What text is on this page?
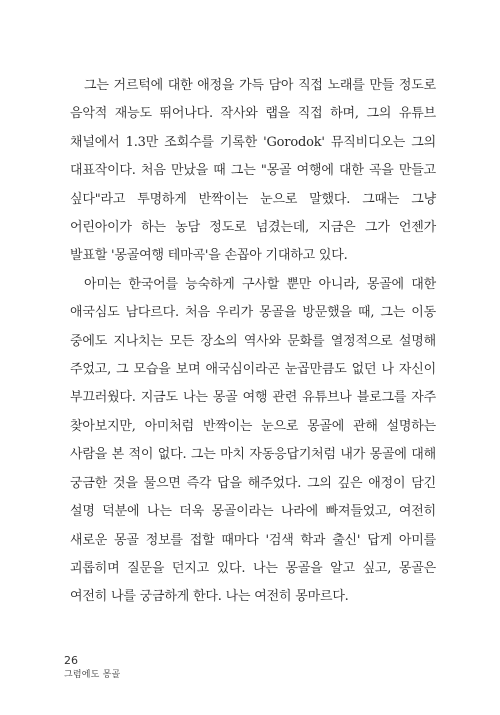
그는 거르턱에 대한 애정을 가득 담아 직접 노래를 만들 정도로 음악적 재능도 뛰어나다. 작사와 랩을 직접 하며, 그의 유튜브 채널에서 1.3만 조회수를 기록한 'Gorodok' 뮤직비디오는 그의 대표작이다. 처음 만났을 때 그는 "몽골 여행에 대한 곡을 만들고 싶다"라고 투명하게 반짝이는 눈으로 말했다. 그때는 그냥 어린아이가 하는 농담 정도로 넘겼는데, 지금은 그가 언젠가 발표할 '몽골여행 테마곡'을 손꼽아 기대하고 있다.

아미는 한국어를 능숙하게 구사할 뿐만 아니라, 몽골에 대한 애국심도 남다르다. 처음 우리가 몽골을 방문했을 때, 그는 이동 중에도 지나치는 모든 장소의 역사와 문화를 열정적으로 설명해 주었고, 그 모습을 보며 애국심이라곤 눈곱만큼도 없던 나 자신이 부끄러웠다. 지금도 나는 몽골 여행 관련 유튜브나 블로그를 자주 찾아보지만, 아미처럼 반짝이는 눈으로 몽골에 관해 설명하는 사람을 본 적이 없다. 그는 마치 자동응답기처럼 내가 몽골에 대해 궁금한 것을 물으면 즉각 답을 해주었다. 그의 깊은 애정이 담긴 설명 덕분에 나는 더욱 몽골이라는 나라에 빠져들었고, 여전히 새로운 몽골 정보를 접할 때마다 '검색 학과 출신' 답게 아미를 괴롭히며 질문을 던지고 있다. 나는 몽골을 알고 싶고, 몽골은 여전히 나를 궁금하게 한다. 나는 여전히 몽마르다.

26
그럼에도 몽골
